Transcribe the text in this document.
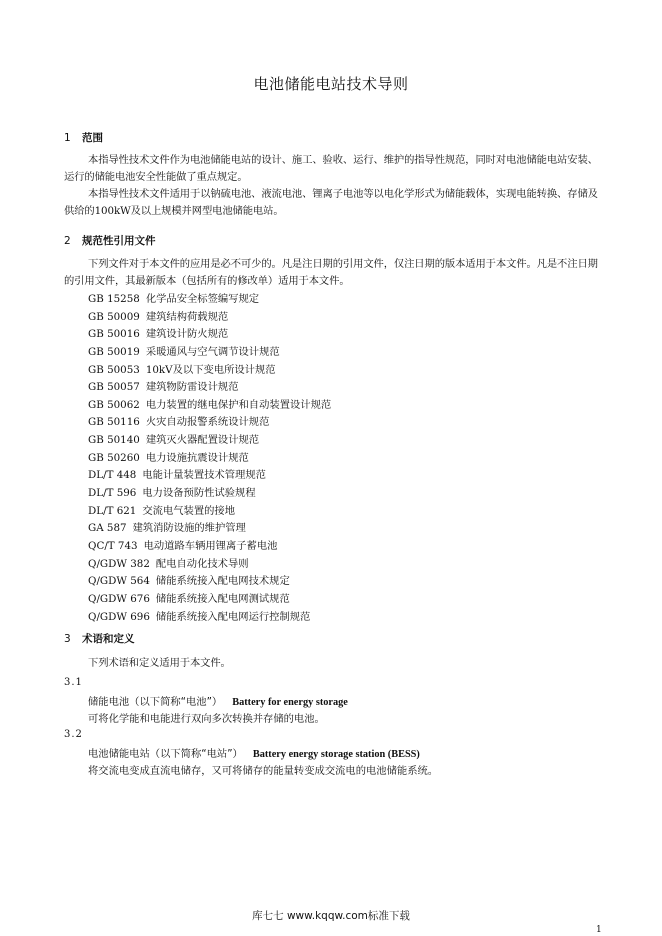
电池储能电站技术导则
1 范围
本指导性技术文件作为电池储能电站的设计、施工、验收、运行、维护的指导性规范，同时对电池储能电站安装、运行的储能电池安全性能做了重点规定。
本指导性技术文件适用于以钠硫电池、液流电池、锂离子电池等以电化学形式为储能载体，实现电能转换、存储及供给的100kW及以上规模并网型电池储能电站。
2 规范性引用文件
下列文件对于本文件的应用是必不可少的。凡是注日期的引用文件，仅注日期的版本适用于本文件。凡是不注日期的引用文件，其最新版本（包括所有的修改单）适用于本文件。
GB 15258 化学品安全标签编写规定
GB 50009 建筑结构荷载规范
GB 50016 建筑设计防火规范
GB 50019 采暖通风与空气调节设计规范
GB 50053 10kV及以下变电所设计规范
GB 50057 建筑物防雷设计规范
GB 50062 电力装置的继电保护和自动装置设计规范
GB 50116 火灾自动报警系统设计规范
GB 50140 建筑灭火器配置设计规范
GB 50260 电力设施抗震设计规范
DL/T 448 电能计量装置技术管理规范
DL/T 596 电力设备预防性试验规程
DL/T 621 交流电气装置的接地
GA 587 建筑消防设施的维护管理
QC/T 743 电动道路车辆用锂离子蓄电池
Q/GDW 382 配电自动化技术导则
Q/GDW 564 储能系统接入配电网技术规定
Q/GDW 676 储能系统接入配电网测试规范
Q/GDW 696 储能系统接入配电网运行控制规范
3 术语和定义
下列术语和定义适用于本文件。
3.1
储能电池（以下简称“电池”） Battery for energy storage
可将化学能和电能进行双向多次转换并存储的电池。
3.2
电池储能电站（以下简称“电站”） Battery energy storage station (BESS)
将交流电变成直流电储存，又可将储存的能量转变成交流电的电池储能系统。
库七七 www.kqqw.com标准下载
1
